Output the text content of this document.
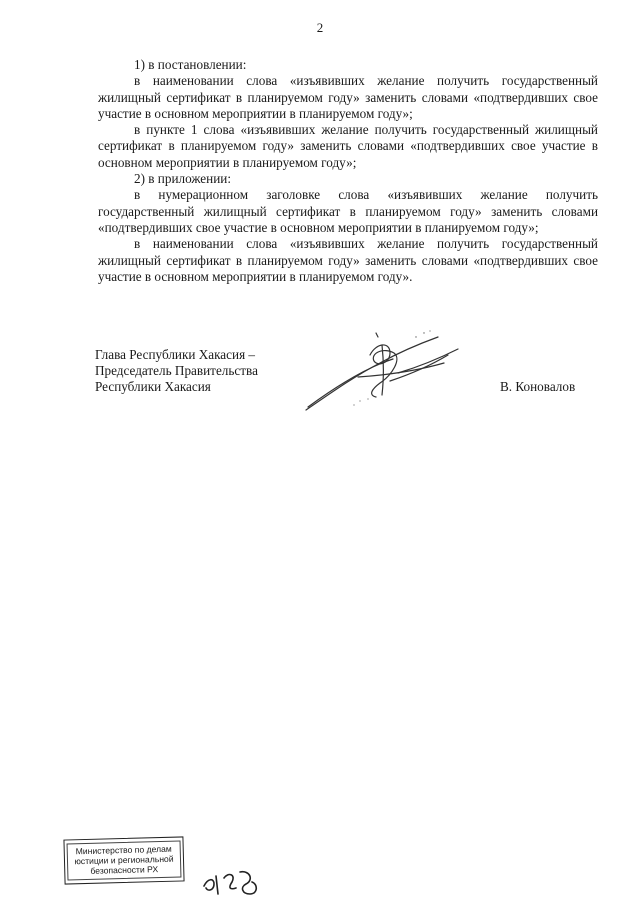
2

1) в постановлении:

в наименовании слова «изъявивших желание получить государственный жилищный сертификат в планируемом году» заменить словами «подтвердивших свое участие в основном мероприятии в планируемом году»;

в пункте 1 слова «изъявивших желание получить государственный жилищный сертификат в планируемом году» заменить словами «подтвердивших свое участие в основном мероприятии в планируемом году»;

2) в приложении:

в нумерационном заголовке слова «изъявивших желание получить государственный жилищный сертификат в планируемом году» заменить словами «подтвердивших свое участие в основном мероприятии в планируемом году»;

в наименовании слова «изъявивших желание получить государственный жилищный сертификат в планируемом году» заменить словами «подтвердивших свое участие в основном мероприятии в планируемом году».

Глава Республики Хакасия –
Председатель Правительства
Республики Хакасия	В. Коновалов
Министерство по делам
юстиции и региональной
безопасности РХ
